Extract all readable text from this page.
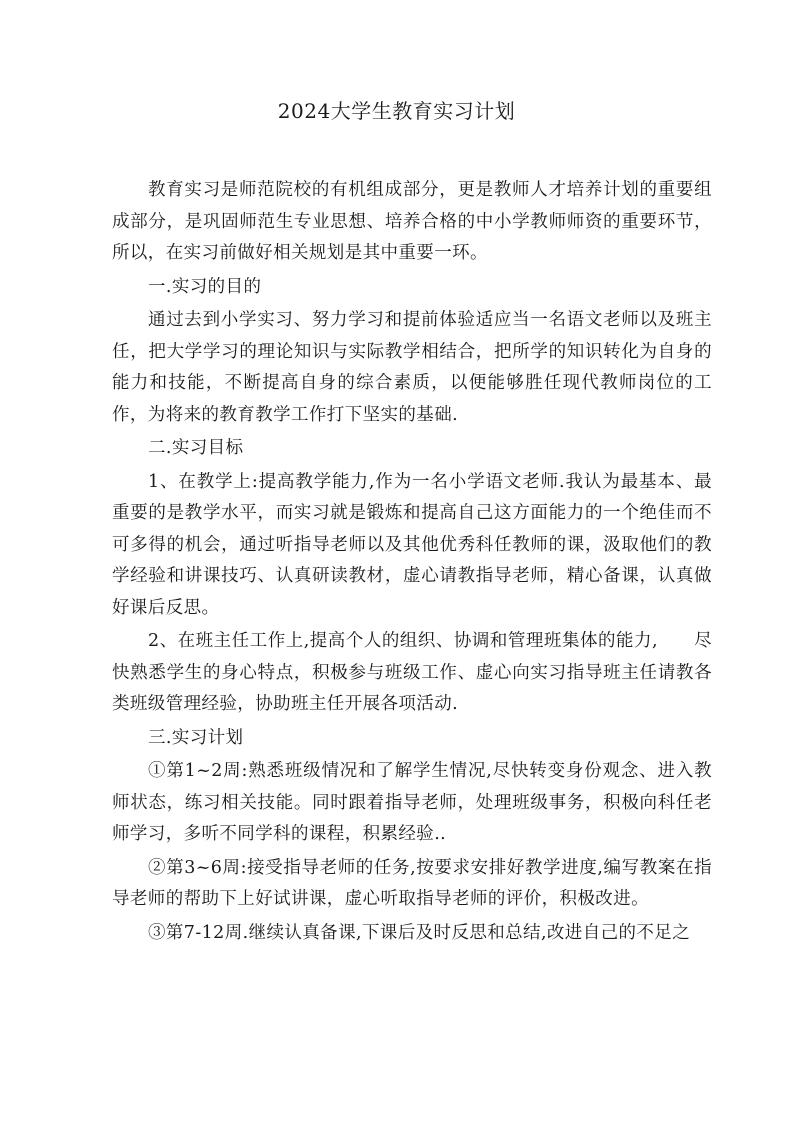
2024大学生教育实习计划

教育实习是师范院校的有机组成部分，更是教师人才培养计划的重要组成部分，是巩固师范生专业思想、培养合格的中小学教师师资的重要环节，所以，在实习前做好相关规划是其中重要一环。

一.实习的目的

通过去到小学实习、努力学习和提前体验适应当一名语文老师以及班主任，把大学学习的理论知识与实际教学相结合，把所学的知识转化为自身的能力和技能，不断提高自身的综合素质，以便能够胜任现代教师岗位的工作，为将来的教育教学工作打下坚实的基础.

二.实习目标

1、在教学上:提高教学能力,作为一名小学语文老师.我认为最基本、最重要的是教学水平，而实习就是锻炼和提高自己这方面能力的一个绝佳而不可多得的机会，通过听指导老师以及其他优秀科任教师的课，汲取他们的教学经验和讲课技巧、认真研读教材，虚心请教指导老师，精心备课，认真做好课后反思。

2、在班主任工作上,提高个人的组织、协调和管理班集体的能力,　　尽快熟悉学生的身心特点，积极参与班级工作、虚心向实习指导班主任请教各类班级管理经验，协助班主任开展各项活动.

三.实习计划

①第1~2周:熟悉班级情况和了解学生情况,尽快转变身份观念、进入教师状态，练习相关技能。同时跟着指导老师，处理班级事务，积极向科任老师学习，多听不同学科的课程，积累经验..

②第3~6周:接受指导老师的任务,按要求安排好教学进度,编写教案在指导老师的帮助下上好试讲课，虚心听取指导老师的评价，积极改进。

③第7-12周.继续认真备课,下课后及时反思和总结,改进自己的不足之
